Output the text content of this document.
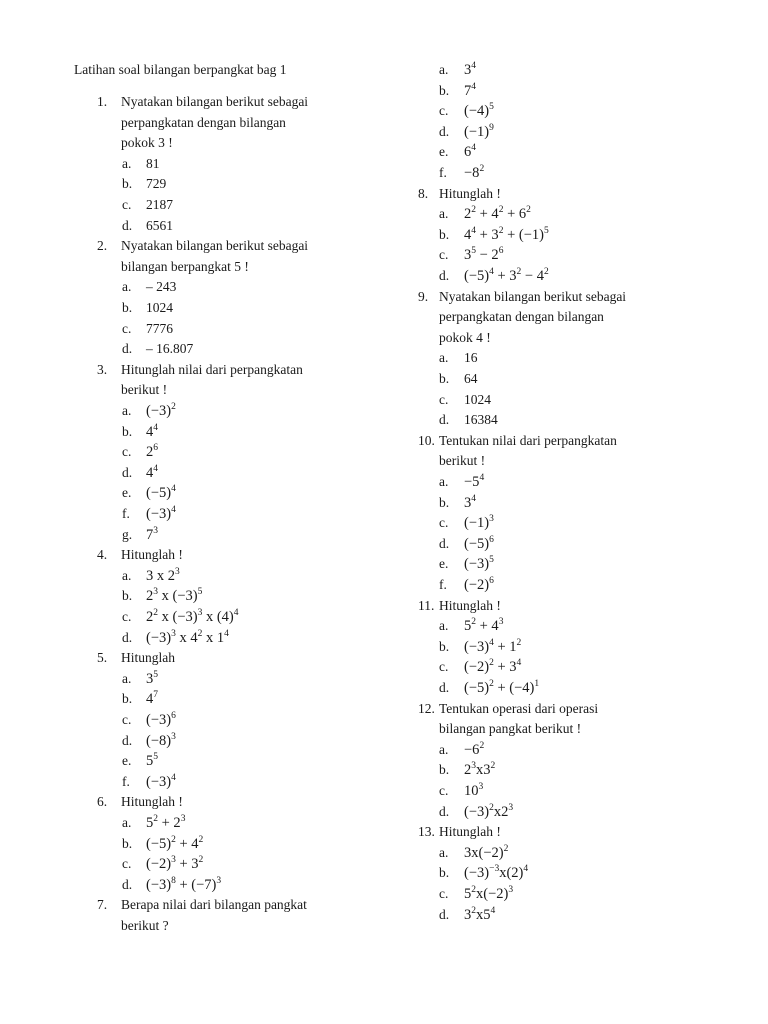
Latihan soal bilangan berpangkat bag 1
1. Nyatakan bilangan berikut sebagai
perpangkatan dengan bilangan
pokok 3 !
a. 81
b. 729
c. 2187
d. 6561
2. Nyatakan bilangan berikut sebagai
bilangan berpangkat 5 !
a. – 243
b. 1024
c. 7776
d. – 16.807
3. Hitunglah nilai dari perpangkatan
berikut !
a. $(-3)^2$
b. $4^4$
c. $2^6$
d. $4^4$
e. $(-5)^4$
f. $(-3)^4$
g. $7^3$
4. Hitunglah !
a. 3 x $2^3$
b. $2^3$ x $(-3)^5$
c. $2^2$ x $(-3)^3$ x $(4)^4$
d. $(-3)^3$ x $4^2$ x $1^4$
5. Hitunglah
a. $3^5$
b. $4^7$
c. $(-3)^6$
d. $(-8)^3$
e. $5^5$
f. $(-3)^4$
6. Hitunglah !
a. $5^2 + 2^3$
b. $(-5)^2 + 4^2$
c. $(-2)^3 + 3^2$
d. $(-3)^8 + (-7)^3$
7. Berapa nilai dari bilangan pangkat
berikut ?
a. $3^4$
b. $7^4$
c. $(-4)^5$
d. $(-1)^9$
e. $6^4$
f. $-8^2$
8. Hitunglah !
a. $2^2 + 4^2 + 6^2$
b. $4^4 + 3^2 + (-1)^5$
c. $3^5 - 2^6$
d. $(-5)^4 + 3^2 - 4^2$
9. Nyatakan bilangan berikut sebagai
perpangkatan dengan bilangan
pokok 4 !
a. 16
b. 64
c. 1024
d. 16384
10. Tentukan nilai dari perpangkatan
berikut !
a. $-5^4$
b. $3^4$
c. $(-1)^3$
d. $(-5)^6$
e. $(-3)^5$
f. $(-2)^6$
11. Hitunglah !
a. $5^2 + 4^3$
b. $(-3)^4 + 1^2$
c. $(-2)^2 + 3^4$
d. $(-5)^2 + (-4)^1$
12. Tentukan operasi dari operasi
bilangan pangkat berikut !
a. $-6^2$
b. $2^3x3^2$
c. $10^3$
d. $(-3)^2x2^3$
13. Hitunglah !
a. $3x(-2)^2$
b. $(-3)^{-3}x(2)^4$
c. $5^2x(-2)^3$
d. $3^2x5^4$
